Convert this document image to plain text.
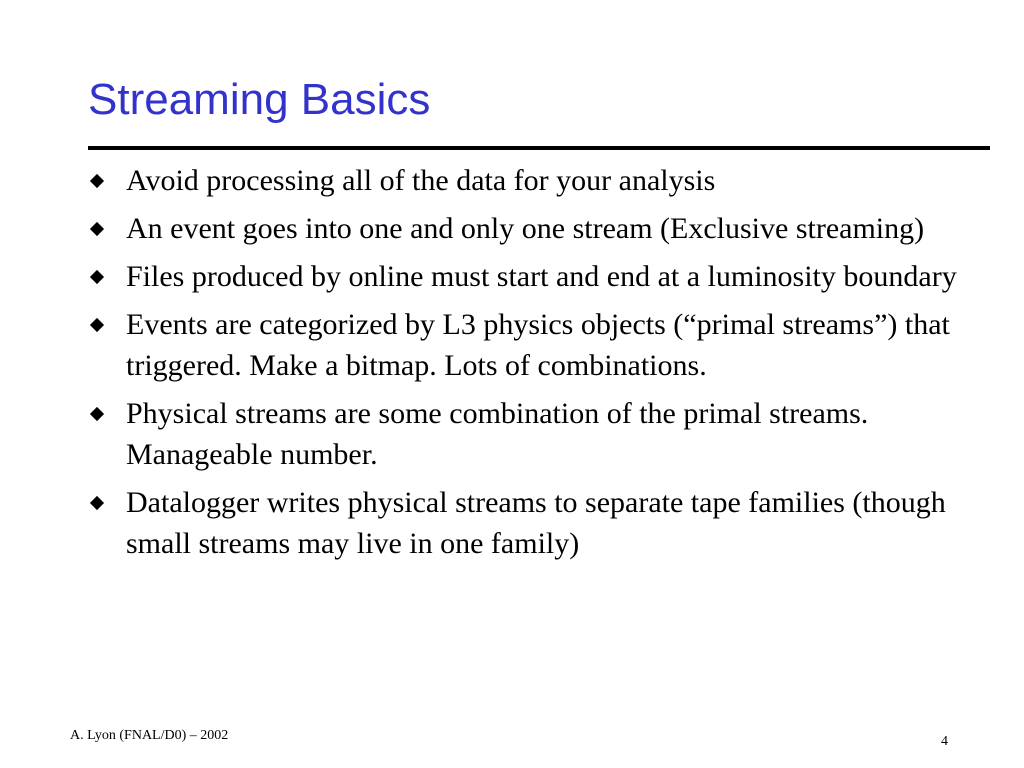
Streaming Basics
Avoid processing all of the data for your analysis
An event goes into one and only one stream (Exclusive streaming)
Files produced by online must start and end at a luminosity boundary
Events are categorized by L3 physics objects (“primal streams”) that triggered. Make a bitmap. Lots of combinations.
Physical streams are some combination of the primal streams. Manageable number.
Datalogger writes physical streams to separate tape families (though small streams may live in one family)
A. Lyon (FNAL/D0) – 2002	4
